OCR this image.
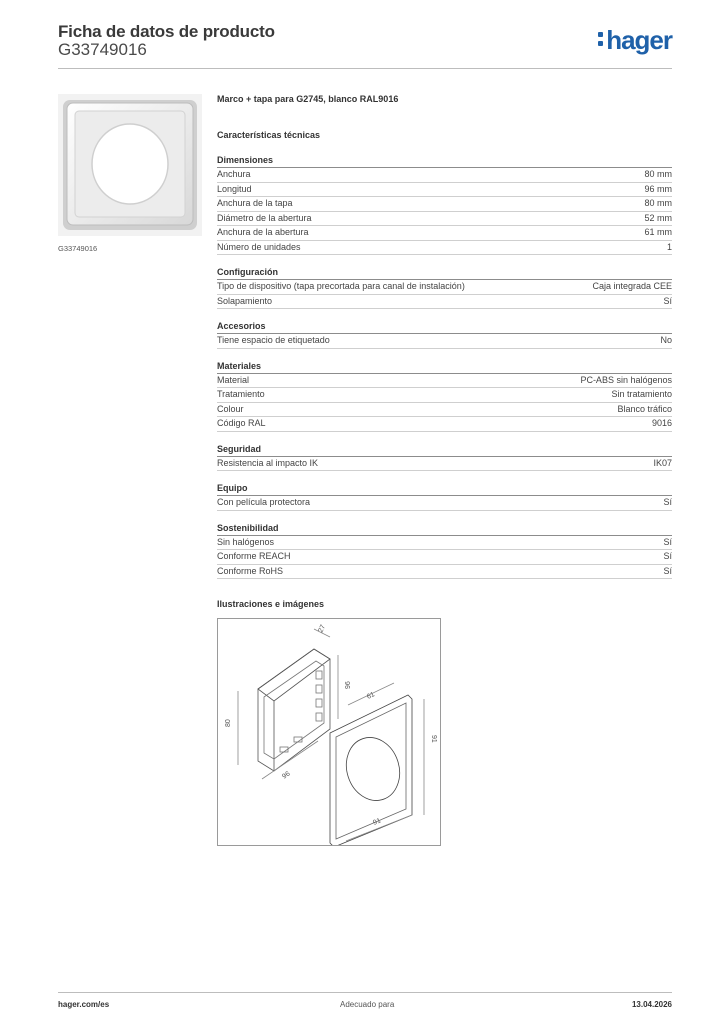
Ficha de datos de producto
G33749016	hager
G33749016
Marco + tapa para G2745, blanco RAL9016
Características técnicas
Dimensiones
Anchura	80 mm
Longitud	96 mm
Anchura de la tapa	80 mm
Diámetro de la abertura	52 mm
Anchura de la abertura	61 mm
Número de unidades	1
Configuración
Tipo de dispositivo (tapa precortada para canal de instalación)	Caja integrada CEE
Solapamiento	Sí
Accesorios
Tiene espacio de etiquetado	No
Materiales
Material	PC-ABS sin halógenos
Tratamiento	Sin tratamiento
Colour	Blanco tráfico
Código RAL	9016
Seguridad
Resistencia al impacto IK	IK07
Equipo
Con película protectora	Sí
Sostenibilidad
Sin halógenos	Sí
Conforme REACH	Sí
Conforme RoHS	Sí
Ilustraciones e imágenes
27
96
61
91
80
96
91
hager.com/es	Adecuado para	13.04.2026
